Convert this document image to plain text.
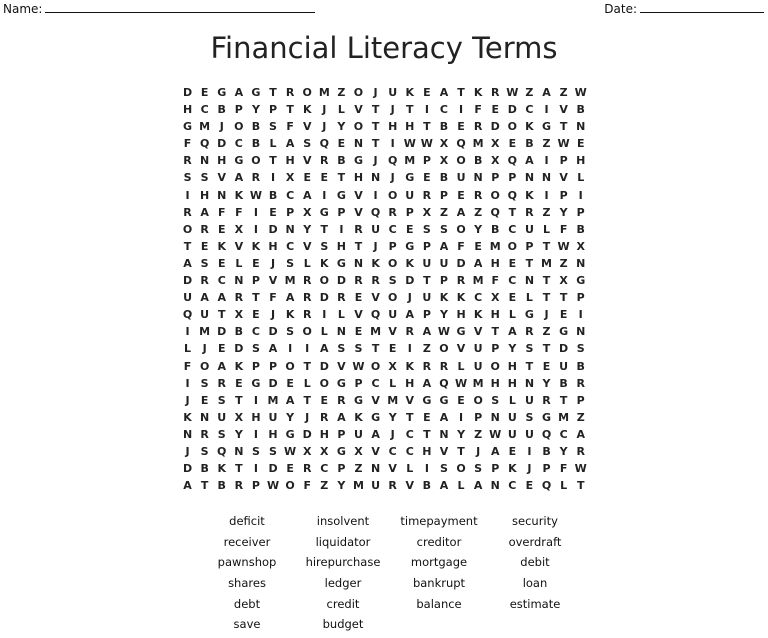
Name:	Date:
Financial Literacy Terms
D E G A G T R O M Z O J U K E A T K R W Z A Z W
H C B P Y P T K J	L V T	J	T	I	C	I	F E D C	I V B
G M J O B S F V J	Y O T H H T B E R D O K G T N
F Q D C B L A S Q E N T	I W W X Q M X E B Z W E
R N H G O T H V R B G J Q M P X O B X Q A I	P H
S S V A R I X E E T H N J G E B U N P P N N V L
I H N K W B C A I G V I O U R P E R O Q K I	P	I
R A F F	I	E P X G P V Q R P X Z A Z Q T R Z Y P
O R E X I D N Y T	I R U C E S S O Y B C U L F B
T E K V K H C V S H T	J	P G P A F E M O P T W X
A S E L E	J	S L K G N K O K U U D A H E T M Z N
D R C N P V M R O D R R S D T P R M F C N T X G
U A A R T F A R D R E V O J U K K C X E L T T P
Q U T X E	J K R I	L V Q U A P Y H K H L G J	E	I
I M D B C D S O L N E M V R A W G V T A R Z G N
L	J	E D S A I	I A S S T E	I	Z O V U P Y S T D S
F O A K P P O T D V W O X K R R L U O H T E U B
I	S R E G D E L O G P C L H A Q W M H H N Y B R
J	E S T	I M A T E R G V M V G G E O S L U R T P
K N U X H U Y	J R A K G Y T E A I	P N U S G M Z
N R S Y	I H G D H P U A J	C T N Y Z W U U Q C A
J	S Q N S S W X X G X V C C H V T	J A E	I B Y R
D B K T	I D E R C P Z N V L	I	S O S P K J	P F W
A T B R P W O F Z Y M U R V B A L A N C E Q L T
deficit	insolvent	timepayment	security
receiver	liquidator	creditor	overdraft
pawnshop	hirepurchase	mortgage	debit
shares	ledger	bankrupt	loan
debt	credit	balance	estimate
save	budget
